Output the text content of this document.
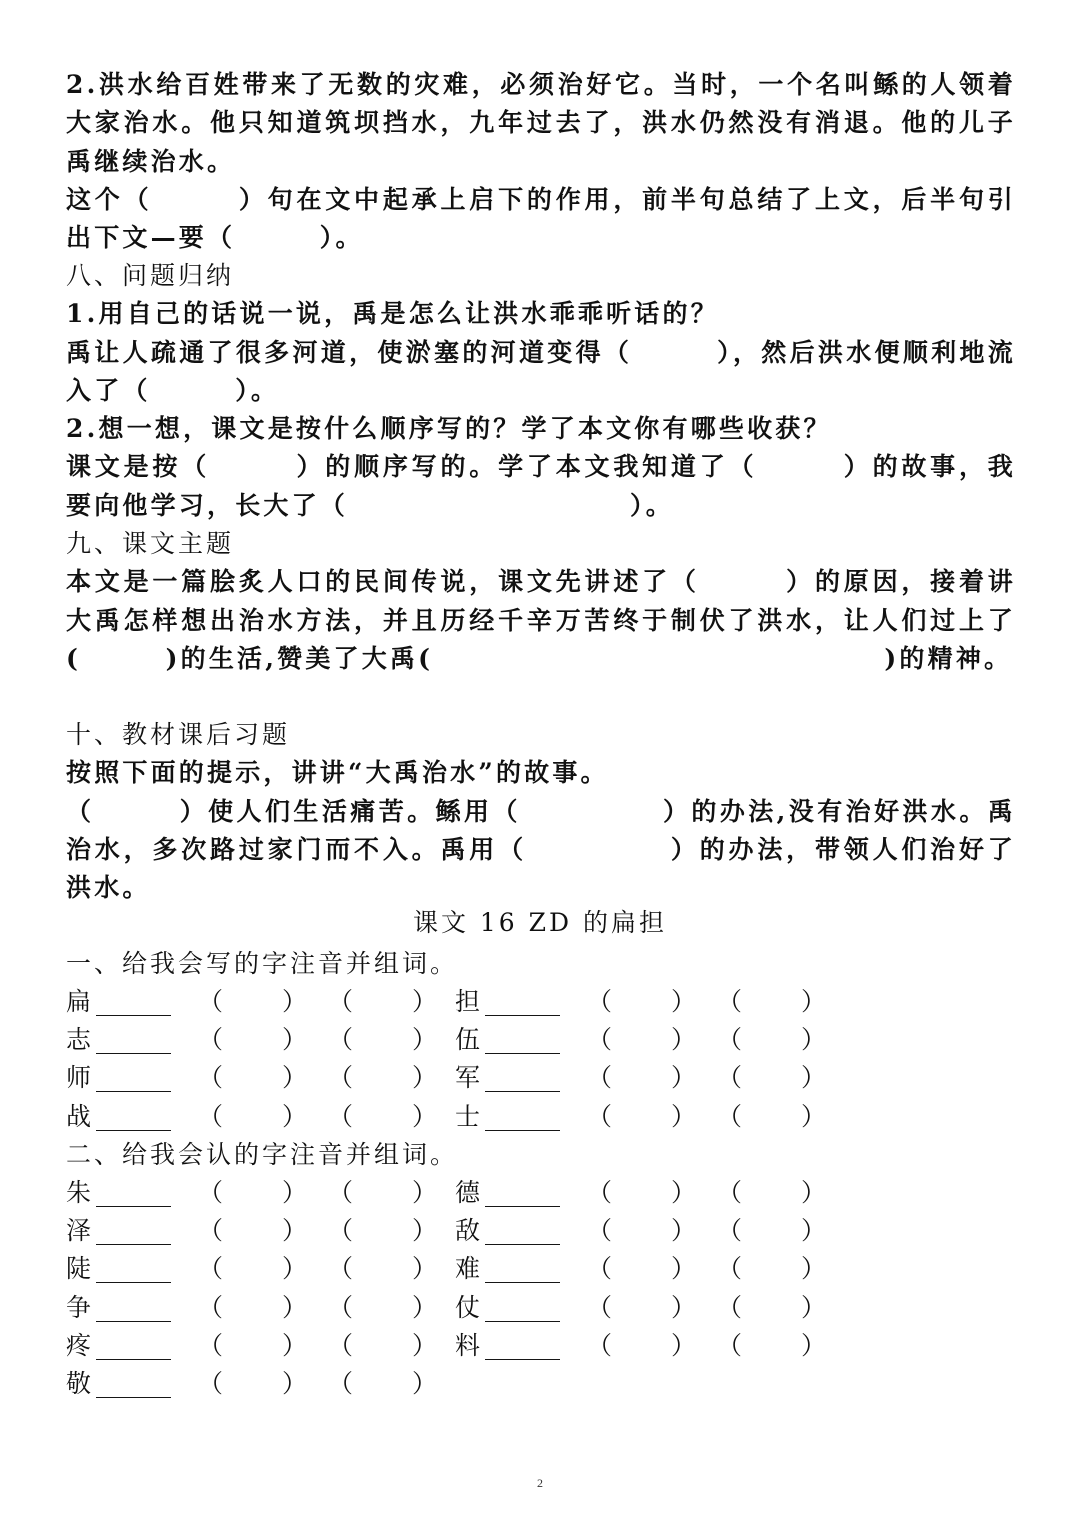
2.洪水给百姓带来了无数的灾难，必须治好它。当时，一个名叫鲧的人领着大家治水。他只知道筑坝挡水，九年过去了，洪水仍然没有消退。他的儿子禹继续治水。

这个（　　　）句在文中起承上启下的作用，前半句总结了上文，后半句引出下文—要（　　　）。

八、问题归纳

1.用自己的话说一说，禹是怎么让洪水乖乖听话的？

禹让人疏通了很多河道，使淤塞的河道变得（　　　），然后洪水便顺利地流入了（　　　）。

2.想一想，课文是按什么顺序写的？学了本文你有哪些收获？

课文是按（　　　）的顺序写的。学了本文我知道了（　　　）的故事，我要向他学习，长大了（　　　　　　　　　　）。

九、课文主题

本文是一篇脍炙人口的民间传说，课文先讲述了（　　　）的原因，接着讲大禹怎样想出治水方法，并且历经千辛万苦终于制伏了洪水，让人们过上了(　　　)的生活,赞美了大禹(　　　　　　　　　　　　　　　　)的精神。

十、教材课后习题

按照下面的提示，讲讲“大禹治水”的故事。

（　　　）使人们生活痛苦。鲧用（　　　　　）的办法,没有治好洪水。禹治水，多次路过家门而不入。禹用（　　　　　）的办法，带领人们治好了洪水。

课文 16 ZD 的扁担

一、给我会写的字注音并组词。

扁 ______ （ ） （ ） 担 ______ （ ） （ ）
志 ______ （ ） （ ） 伍 ______ （ ） （ ）
师 ______ （ ） （ ） 军 ______ （ ） （ ）
战 ______ （ ） （ ） 士 ______ （ ） （ ）

二、给我会认的字注音并组词。

朱 ______ （ ） （ ） 德 ______ （ ） （ ）
泽 ______ （ ） （ ） 敌 ______ （ ） （ ）
陡 ______ （ ） （ ） 难 ______ （ ） （ ）
争 ______ （ ） （ ） 仗 ______ （ ） （ ）
疼 ______ （ ） （ ） 料 ______ （ ） （ ）
敬 ______ （ ） （ ）
2
